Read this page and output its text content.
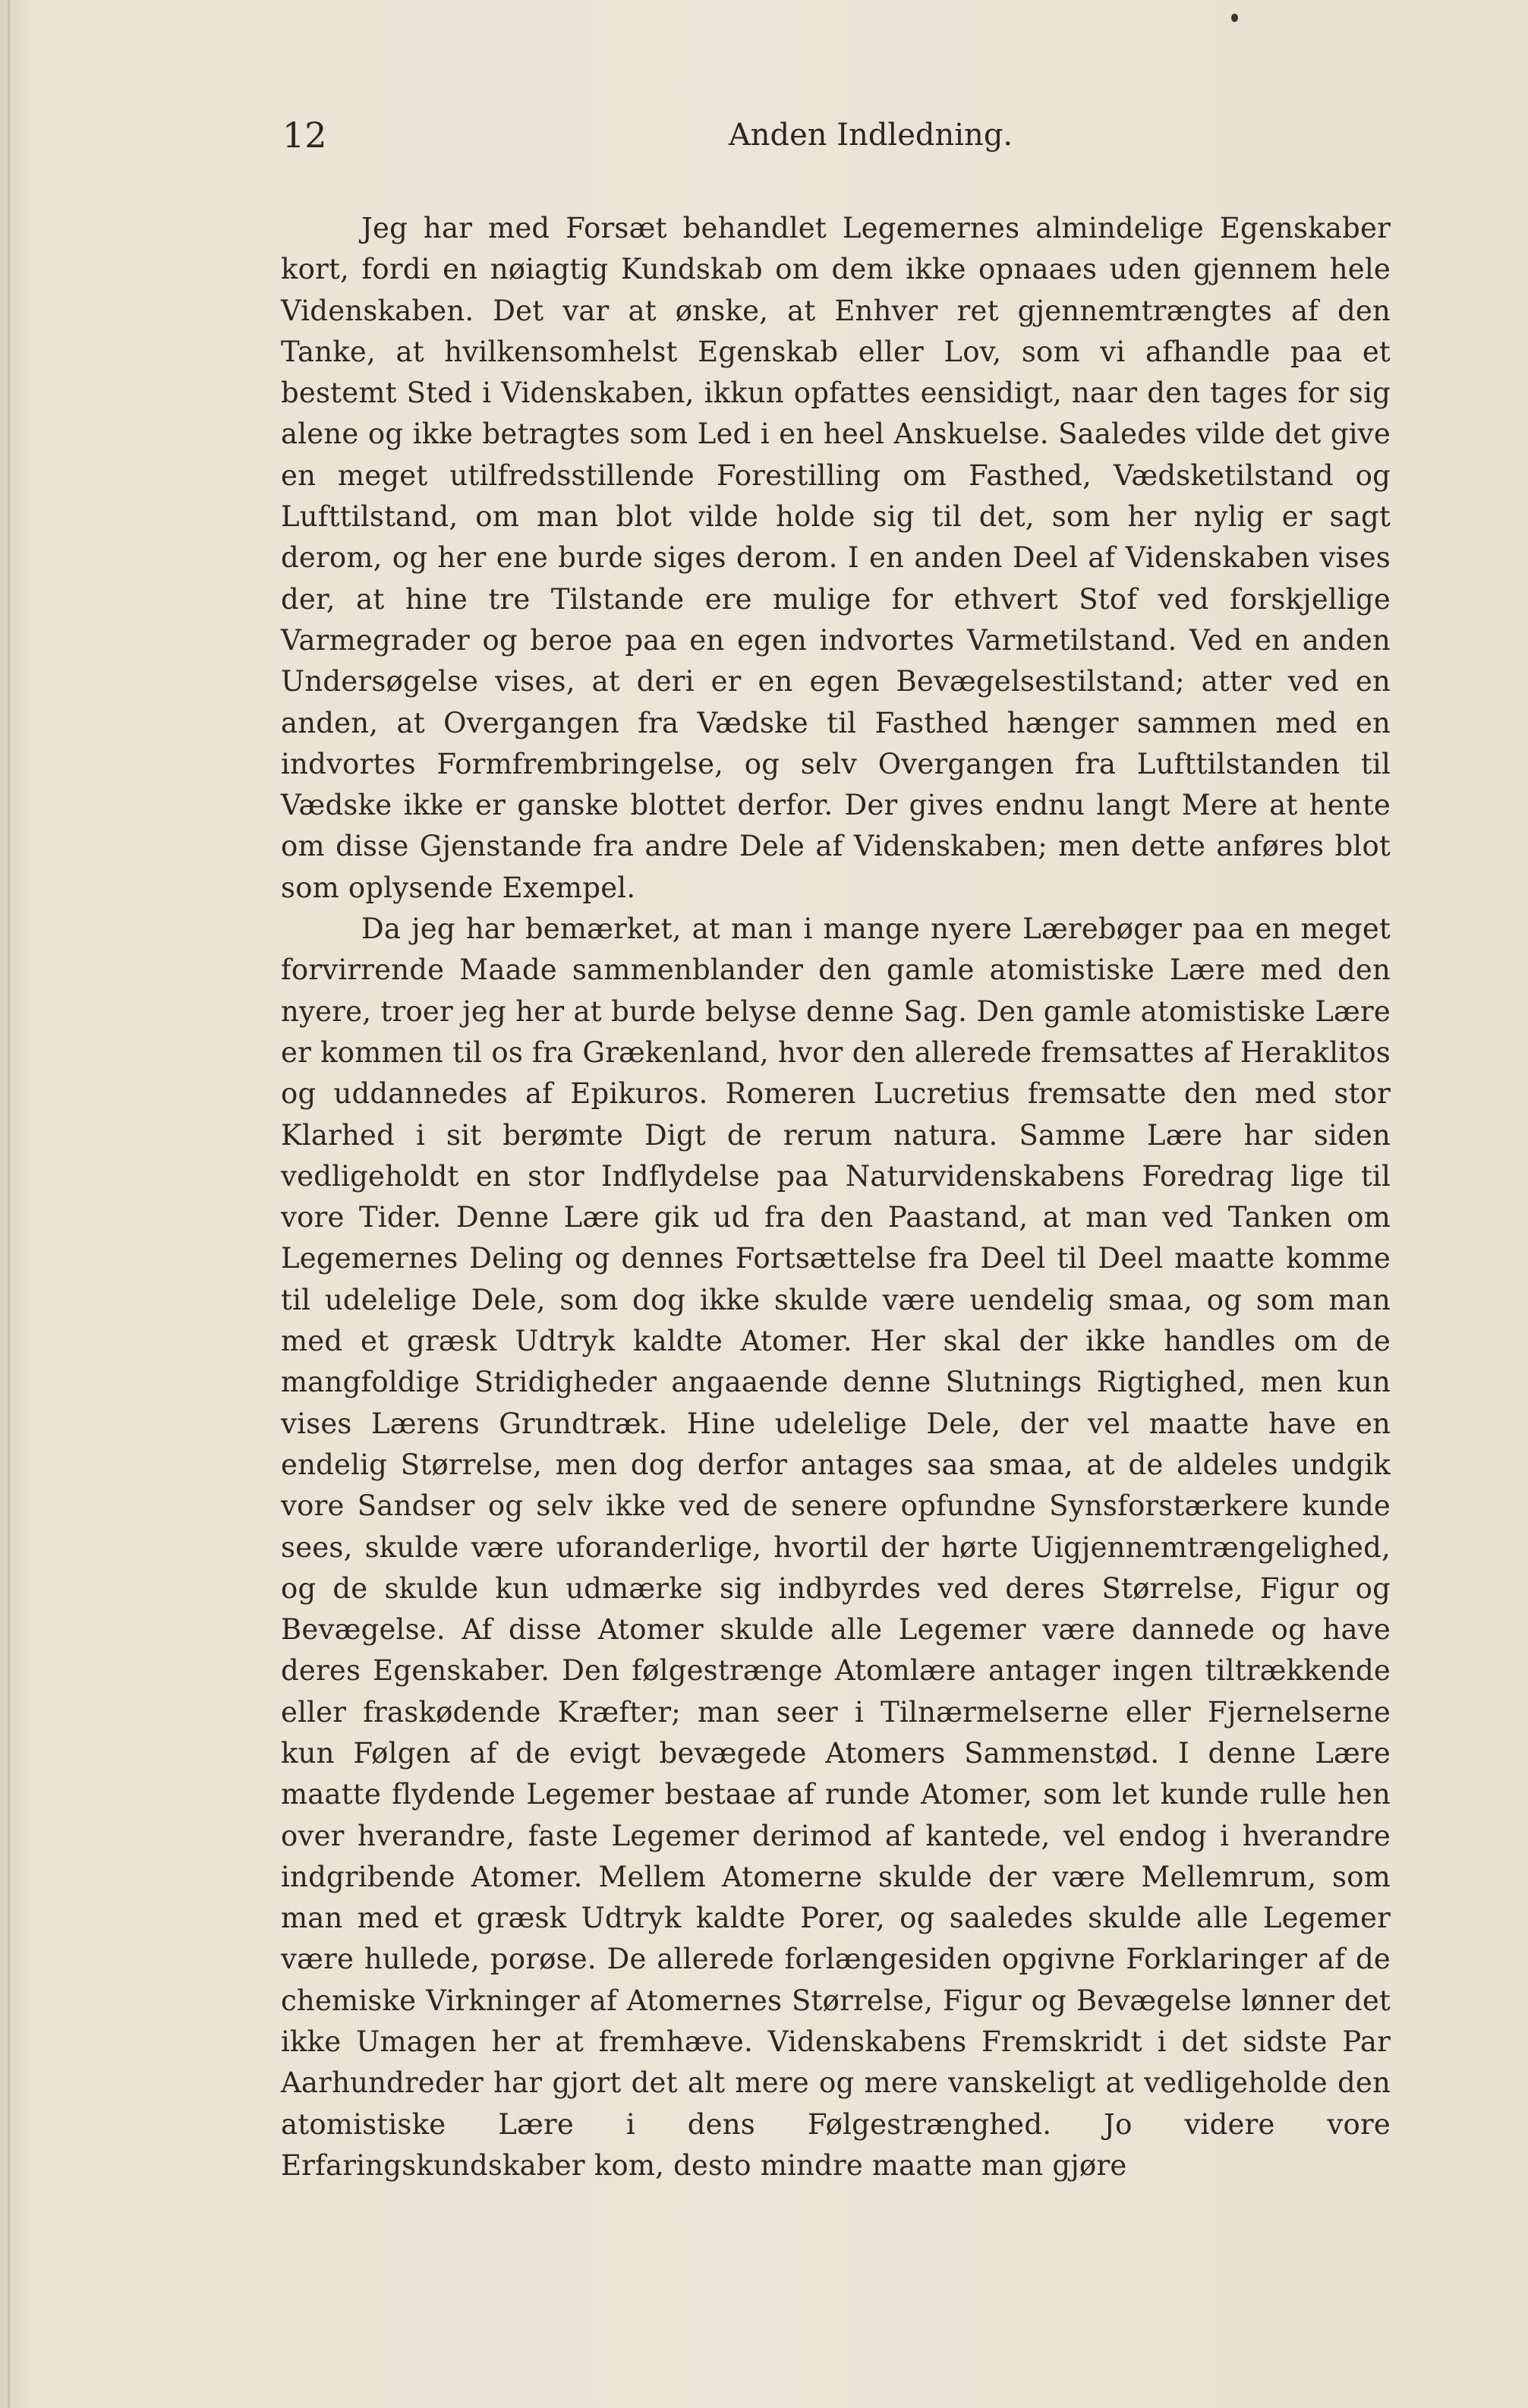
12	Anden Indledning.

Jeg har med Forsæt behandlet Legemernes almindelige Egenskaber kort, fordi en nøiagtig Kundskab om dem ikke opnaaes uden gjennem hele Videnskaben. Det var at ønske, at Enhver ret gjennemtrængtes af den Tanke, at hvilkensomhelst Egenskab eller Lov, som vi afhandle paa et bestemt Sted i Videnskaben, ikkun opfattes eensidigt, naar den tages for sig alene og ikke betragtes som Led i en heel Anskuelse. Saaledes vilde det give en meget utilfredsstillende Forestilling om Fasthed, Vædsketilstand og Lufttilstand, om man blot vilde holde sig til det, som her nylig er sagt derom, og her ene burde siges derom. I en anden Deel af Videnskaben vises der, at hine tre Tilstande ere mulige for ethvert Stof ved forskjellige Varmegrader og beroe paa en egen indvortes Varmetilstand. Ved en anden Undersøgelse vises, at deri er en egen Bevægelsestilstand; atter ved en anden, at Overgangen fra Vædske til Fasthed hænger sammen med en indvortes Formfrembringelse, og selv Overgangen fra Lufttilstanden til Vædske ikke er ganske blottet derfor. Der gives endnu langt Mere at hente om disse Gjenstande fra andre Dele af Videnskaben; men dette anføres blot som oplysende Exempel.

Da jeg har bemærket, at man i mange nyere Lærebøger paa en meget forvirrende Maade sammenblander den gamle atomistiske Lære med den nyere, troer jeg her at burde belyse denne Sag. Den gamle atomistiske Lære er kommen til os fra Grækenland, hvor den allerede fremsattes af Heraklitos og uddannedes af Epikuros. Romeren Lucretius fremsatte den med stor Klarhed i sit berømte Digt de rerum natura. Samme Lære har siden vedligeholdt en stor Indflydelse paa Naturvidenskabens Foredrag lige til vore Tider. Denne Lære gik ud fra den Paastand, at man ved Tanken om Legemernes Deling og dennes Fortsættelse fra Deel til Deel maatte komme til udelelige Dele, som dog ikke skulde være uendelig smaa, og som man med et græsk Udtryk kaldte Atomer. Her skal der ikke handles om de mangfoldige Stridigheder angaaende denne Slutnings Rigtighed, men kun vises Lærens Grundtræk. Hine udelelige Dele, der vel maatte have en endelig Størrelse, men dog derfor antages saa smaa, at de aldeles undgik vore Sandser og selv ikke ved de senere opfundne Synsforstærkere kunde sees, skulde være uforanderlige, hvortil der hørte Uigjennemtrængelighed, og de skulde kun udmærke sig indbyrdes ved deres Størrelse, Figur og Bevægelse. Af disse Atomer skulde alle Legemer være dannede og have deres Egenskaber. Den følgestrænge Atomlære antager ingen tiltrækkende eller fraskødende Kræfter; man seer i Tilnærmelserne eller Fjernelserne kun Følgen af de evigt bevægede Atomers Sammenstød. I denne Lære maatte flydende Legemer bestaae af runde Atomer, som let kunde rulle hen over hverandre, faste Legemer derimod af kantede, vel endog i hverandre indgribende Atomer. Mellem Atomerne skulde der være Mellemrum, som man med et græsk Udtryk kaldte Porer, og saaledes skulde alle Legemer være hullede, porøse. De allerede forlængesiden opgivne Forklaringer af de chemiske Virkninger af Atomernes Størrelse, Figur og Bevægelse lønner det ikke Umagen her at fremhæve. Videnskabens Fremskridt i det sidste Par Aarhundreder har gjort det alt mere og mere vanskeligt at vedligeholde den atomistiske Lære i dens Følgestrænghed. Jo videre vore Erfaringskundskaber kom, desto mindre maatte man gjøre
